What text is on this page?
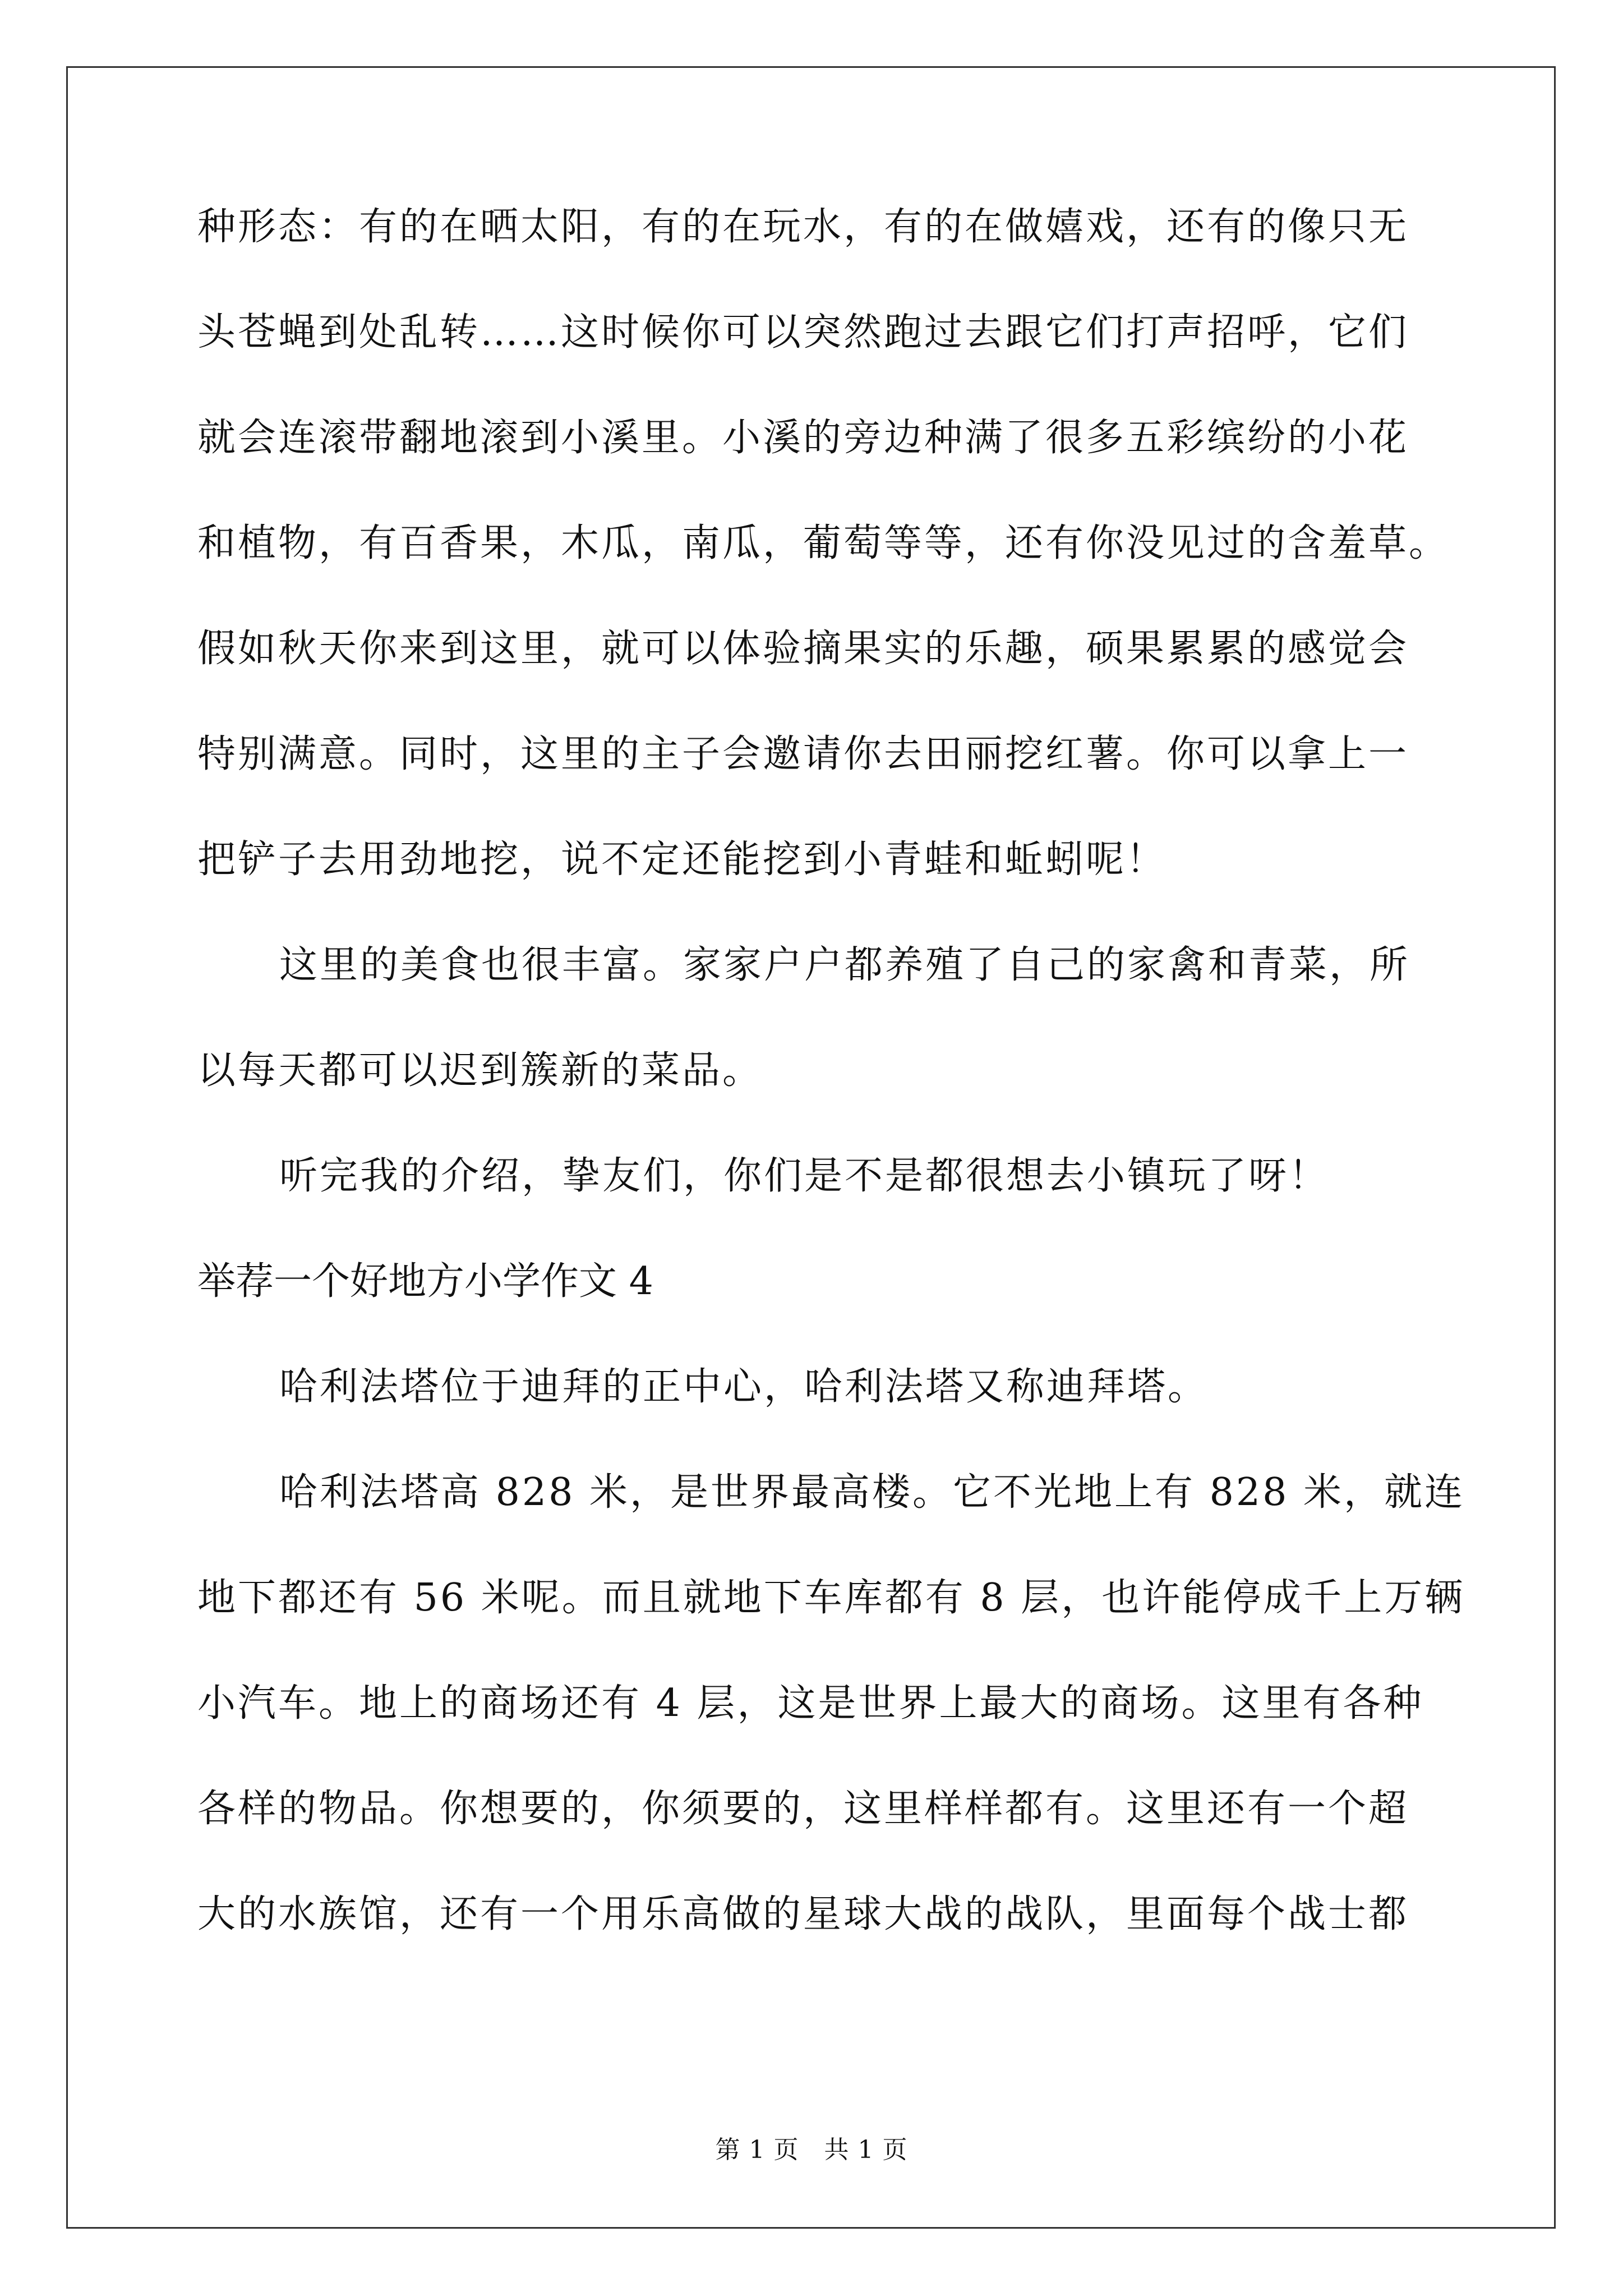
种形态：有的在晒太阳，有的在玩水，有的在做嬉戏，还有的像只无
头苍蝇到处乱转……这时候你可以突然跑过去跟它们打声招呼，它们
就会连滚带翻地滚到小溪里。小溪的旁边种满了很多五彩缤纷的小花
和植物，有百香果，木瓜，南瓜，葡萄等等，还有你没见过的含羞草。
假如秋天你来到这里，就可以体验摘果实的乐趣，硕果累累的感觉会
特别满意。同时，这里的主子会邀请你去田丽挖红薯。你可以拿上一
把铲子去用劲地挖，说不定还能挖到小青蛙和蚯蚓呢！
这里的美食也很丰富。家家户户都养殖了自己的家禽和青菜，所
以每天都可以迟到簇新的菜品。
听完我的介绍，挚友们，你们是不是都很想去小镇玩了呀！
举荐一个好地方小学作文 4
哈利法塔位于迪拜的正中心，哈利法塔又称迪拜塔。
哈利法塔高 828 米，是世界最高楼。它不光地上有 828 米，就连
地下都还有 56 米呢。而且就地下车库都有 8 层，也许能停成千上万辆
小汽车。地上的商场还有 4 层，这是世界上最大的商场。这里有各种
各样的物品。你想要的，你须要的，这里样样都有。这里还有一个超
大的水族馆，还有一个用乐高做的星球大战的战队，里面每个战士都
第 1 页　共 1 页
